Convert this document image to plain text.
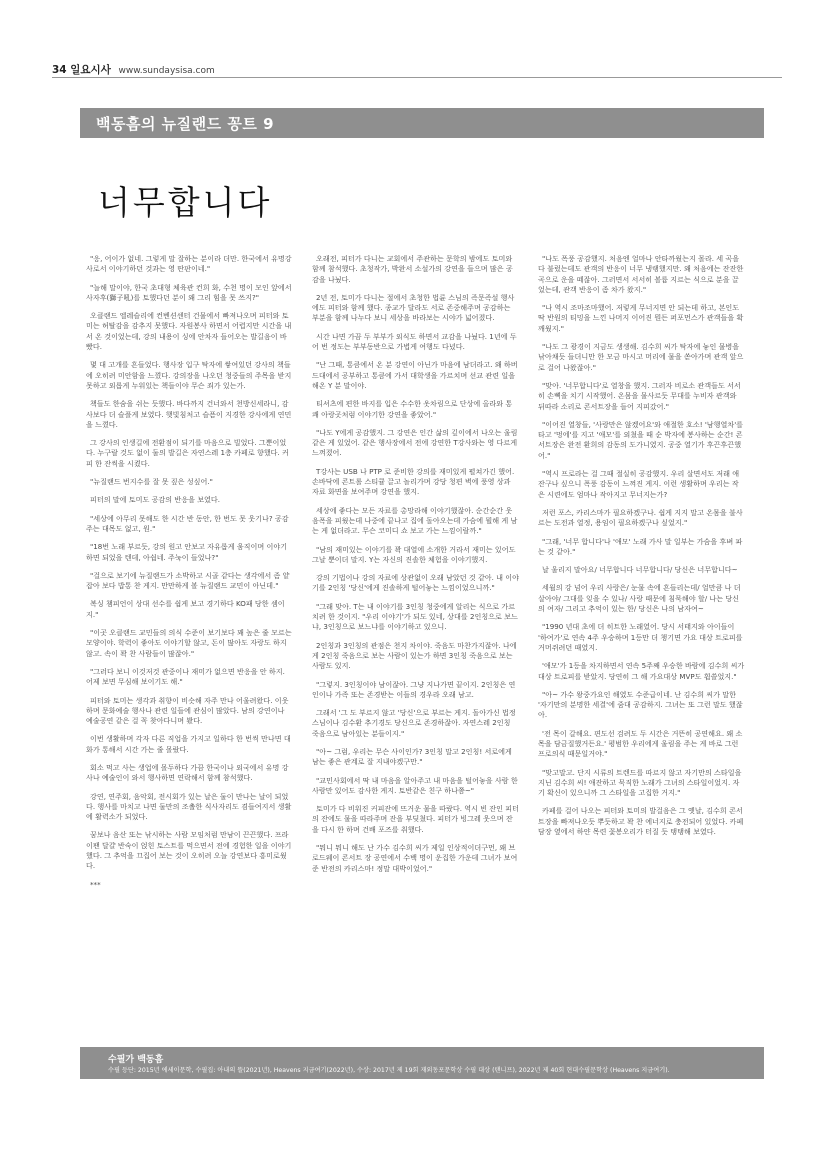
34 일요시사 www.sundaysisa.com
백동흠의 뉴질랜드 꽁트 9
너무합니다

"응, 어이가 없네. 그렇게 말 잘하는 분이라 더만. 한국에서 유명강사로서 이야기하던 것과는 영 딴판이네."

"늘해 말이야, 한국 초대형 체육관 컨희 화, 수천 명이 모인 앞에서 사자후(獅子吼)를 토했다던 분이 왜 그리 힘을 못 쓰지?"

오클랜드 엘레슬리에 컨벤션센터 건물에서 빠져나오며 피터와 토미는 허탈감을 감추지 못했다. 자원봉사 하면서 어렵지만 시간을 내서 온 것이었는데, 강의 내용이 싱에 안차자 들어오는 발길음이 바빴다.

몇 대 고개를 흔들었다. 행사장 입구 탁자에 쌓여있던 강사의 책들에 오히려 미안함을 느꼈다. 강의장을 나오던 청중들의 주목을 받지 못하고 외롭게 누워있는 책들이야 무슨 죄가 있는가.

책들도 한숨을 쉬는 듯했다. 바다까지 건너와서 천방신세라니, 감사보다 더 슬플게 보였다. 햇빛침처고 슬픔이 지경한 강사에게 연민을 느꼈다.

그 강사의 인생길에 전환점이 되기를 마음으로 빌었다. 그뿐이었다. 누구랄 것도 없이 둘의 발길은 자연스레 1층 카페로 향했다. 커피 한 잔씩을 시켰다.

"뉴질랜드 번지수를 잘 못 짚은 성싶어."

피터의 말에 토미도 공감의 반응을 보였다.

"세상에 아무리 못해도 한 시간 반 동안, 한 번도 못 웃기나? 공감 주는 대목도 없고, 원."

"18번 노래 부르듯, 강의 원고 안보고 자유롭게 움직이며 이야기하면 되었을 텐데, 아쉽네. 주눅이 들었나?"

"걸으로 보기에 뉴질랜드가 소박하고 시골 같다는 생각에서 좀 얕잡아 보다 밥통 찬 게지. 만만하게 볼 뉴질랜드 교민이 아닌데."

복싱 챔피언이 상대 선수를 쉽게 보고 경기하다 KO패 당한 셈이지."

"이곳 오클랜드 교민들의 의식 수준이 보기보다 꽤 높은 줄 모르는 모양이야. 학력이 좋아도 이야기할 않고, 돈이 많아도 자랑도 하지 않고. 속이 꽉 찬 사람들이 많잖아."

"그러다 보니 이것저것 관중이나 재미가 없으면 반응을 안 하지. 어제 보면 무심해 보이기도 해."

피터와 토미는 생각과 취향이 비슷해 자주 만나 어울려왔다. 이웃하며 문화예술 행사나 관련 일들에 관심이 많았다. 남의 강연이나 예술공연 같은 걸 꼭 찾아다니며 봤다.

이번 생활하며 각자 다른 직업을 가지고 일하다 한 번씩 만나면 대화가 통해서 시간 가는 줄 몰랐다.

회소 먹고 사는 생업에 몰두하다 가끔 한국이나 외국에서 유명 강사나 예술인이 와서 행사하면 연락해서 함께 참석했다.

강연, 연주회, 음악회, 전시회가 있는 날은 둘이 만나는 날이 되었다. 행사를 마치고 나면 둘만의 조촐한 식사자리도 겸들여지서 생활에 활력소가 되었다.

꿈보나 음산 또는 낚시하는 사람 모임처럼 만남이 끈끈했다. 프라이팬 달걀 반숙이 얹힌 토스트를 먹으면서 전에 경험한 일을 이야기했다. 그 추억을 끄집어 보는 것이 오히려 오늘 강연보다 흥미로웠다.

***

오래전, 피터가 다니는 교회에서 주관하는 문학의 밤에도 토미와 함께 참석했다. 초청작가, 박완서 소설가의 강연을 들으며 많은 공감을 나눴다.

2년 전, 토미가 다니는 절에서 초청한 법륜 스님의 즉문즉설 행사에도 피터와 함께 했다. 종교가 달라도 서로 존중해주며 공감하는 부분을 함께 나누다 보니 세상을 바라보는 시야가 넓어졌다.

시간 나면 가끔 두 부부가 외식도 하면서 교감을 나눴다. 1년에 두어 번 정도는 부부동반으로 가볍게 여행도 다녔다.

"난 그때, 통큼에서 온 분 강연이 아닌가 마음에 남더라고. 왜 하버드대에서 공부하고 통큼에 가서 대학생을 가르치며 선교 관련 일을 해온 Y 분 말이야.

티셔츠에 편한 바지를 입은 수수한 옷차림으로 단상에 올라와 통쾌 아랑곳처럼 이야기한 강연을 좋았어."

"나도 Y에게 공감했지. 그 강연은 인간 삶의 깊이에서 나오는 울림 같은 게 있었어. 같은 행사장에서 전에 강연한 T강사와는 영 다르게 느껴졌어.

T강사는 USB 나 PTP 로 준비한 강의를 재미있게 펼쳐가긴 했어. 손바닥에 콘트롤 스티큘 끌고 놀리가며 강당 청편 벽에 풍영 상과 자료 화면을 보여주며 강연을 했지.

세상에 좋다는 모든 자료를 총망라해 이야기했잖아. 순간순간 웃음폭을 피웠는데 나중에 끝나고 집에 돌아오는데 가슴에 뭘해 게 남는 게 없더라고. 무슨 코미디 쇼 보고 가는 느낌이랄까."

"남의 재미있는 이야기를 꽉 대열에 소개한 거라서 재미는 있어도 그날 뿐이더 말지. Y는 자신의 진솔한 체험을 이야기했지.

강의 기법이나 강의 자료에 상관없이 오래 남았던 것 같아. 내 이야기를 2인칭 '당신'에게 진솔하게 털어놓는 느낌이었으니까."

"그래 맞아. T는 내 이야기를 3인칭 청중에게 알리는 식으로 가르치려 한 것이지. "우리 이야기'가 되도 있네, 상대를 2인칭으로 보느냐, 3인칭으로 보느냐를 이야기하고 있으니.

2인칭과 3인칭의 관점은 천지 차이야. 죽음도 마찬가지잖아. 나에게 2인칭 죽음으로 보는 사람이 있는가 하면 3인칭 죽음으로 보는 사람도 있지.

"그렇지. 3인칭이야 남이잖아. 그냥 지나가면 끝이지. 2인칭은 연인이나 가족 또는 존경받는 이들의 경우라 오래 남고.

그래서 '그 도 부르지 않고 '당신'으로 부르는 게지. 돌아가신 법정 스님이나 김수환 추기경도 당신으로 존경하잖아. 자연스레 2인칭 죽음으로 남아있는 분들이지."

"아~ 그럼, 우리는 무슨 사이인가? 3인칭 말고 2인칭! 서로에게 남는 좋은 관계로 잘 지내야겠구만."

"교민사회에서 딱 내 마음을 알아주고 내 마음을 털어놓을 사람 한 사람만 있어도 감사한 게지. 토반같은 친구 하나쯤~"

토미가 다 비워진 커피잔에 뜨거운 물을 따랐다. 역시 빈 잔인 피터의 잔에도 물을 따라주며 잔을 부딪쳤다. 피터가 빙그레 웃으며 잔을 다시 한 하며 건배 포즈를 취했다.

"뭐니 뭐니 해도 난 가수 김수희 씨가 제일 인상적이더구먼, 왜 브로드웨이 콘서트 장 공연에서 수백 명이 운집한 가운데 그녀가 보여준 반전의 카리스마! 정말 대박이었어."

"나도 폭풍 공감했지. 처음엔 얼마나 안타까웠는지 몰라. 세 곡을 다 불렀는데도 관객의 반응이 너무 냉랭했지만. 왜 처음에는 잔잔한 곡으로 운을 떼잖아. 그러면서 서서히 볼륨 지르는 식으로 분을 끌었는데, 관객 반응이 좀 차가 왔지."

"나 역시 조마조마했어. 저렇게 무너지면 안 되는데 하고, 본인도 딱 반원의 티밍을 느낀 나머지 이어진 뭔든 퍼포먼스가 관객들을 확 깨웠지."

"나도 그 광경이 지금도 생생해. 김수희 씨가 탁자에 놓인 물병을 낚아채듯 들더니만 한 모금 마시고 머리에 물을 쏟아가며 관객 앞으로 걸어 나왔잖아."

"맞아. '너무합니다'로 열창을 했지. 그러자 비로소 관객들도 서서히 손뼉을 치기 시작했어. 온몸을 물사르듯 무대를 누비자 관객와 뒤따라 소리로 콘서트장을 들어 지피갔어."

"이어진 열창들, '사랑만은 않겠어요'와 애절한 호소! '남행열차'를 타고 '멍에'를 지고 '애모'를 외쳤을 때 순 박자에 봉사하는 순간! 콘서트장은 완전 환희의 감동의 도가니였지. 공중 열기가 후끈후끈했어."

"역시 프로라는 걸 그때 절실히 공감했지. 우리 살면서도 저래 애잔구나 싶으니 폭풍 감동이 느껴진 게지. 이런 생활하며 우리는 작은 시련에도 엄마나 작아지고 무너지는가?

저런 포스, 카리스마가 필요하겠구나. 쉽게 지지 말고 온몸을 불사르는 도전과 열정, 용임이 필요하겠구나 싶었지."

"그래, '너무 합니다'나 '애모' 노래 가사 말 일부는 가슴을 후벼 파는 것 같아."

날 울리지 말아요/ 너무합니다 너무합니다/ 당신은 너무합니다~

세월의 강 넘어 우리 사랑은/ 눈물 속에 흔들리는데/ 얼만큼 나 더 살아야/ 그대를 잊을 수 있나/ 사랑 때문에 침묵해야 할/ 나는 당신의 여자/ 그리고 추억이 있는 한/ 당신은 나의 남자여~

"1990 년대 초에 더 히트한 노래였어. 당시 서태지와 아이들이 '하여가'로 연속 4주 우승하며 1등만 더 챙기면 가요 대상 트로피를 거머쥐려던 때였지.

'애모'가 1등을 차지하면서 연속 5주째 우승한 바람에 김수희 씨가 대상 트로피를 받았지. 당연히 그 해 가요대상 MVP도 휩쓸었지."

"아~ 가수 왕중가요인 해였도 수준급이네. 난 김수희 씨가 말한 '자기만의 분명한 세결'에 줌대 공감하지. 그녀는 또 그런 말도 했잖아.

'전 목이 갈해요. 편도선 검려도 두 시간은 거뜬히 공연해요. 왜 소 목을 담금질했거든요.' 평범한 우리에게 울림을 주는 게 바로 그런 프로의식 때문일거야."

"맞고말고. 단지 시류의 트렌드를 따르지 않고 자기만의 스타일을 지닌 김수희 씨! 애잔하고 묵직한 노래가 그녀의 스타일이었지. 자기 확신이 있으니까 그 스타일을 고집한 거지."

카페를 걸어 나오는 피터와 토미의 발걸음은 그 옛날, 김수희 콘서트장을 빠져나오듯 뿌듯하고 꽉 찬 에너지로 충전되어 있었다. 카페 담장 옆에서 하얀 목련 꽃봉오리가 터질 듯 탱탱해 보였다.

수필가 백동흠
수필 등단: 2015년 에세이문학, 수필집: 아내의 뜰(2021년), Heavens 지금여기(2022년), 수상: 2017년 제 19회 재외동포문학상 수필 대상 (탠니프), 2022년 제 40회 현대수필문학상 (Heavens 지금여기).
